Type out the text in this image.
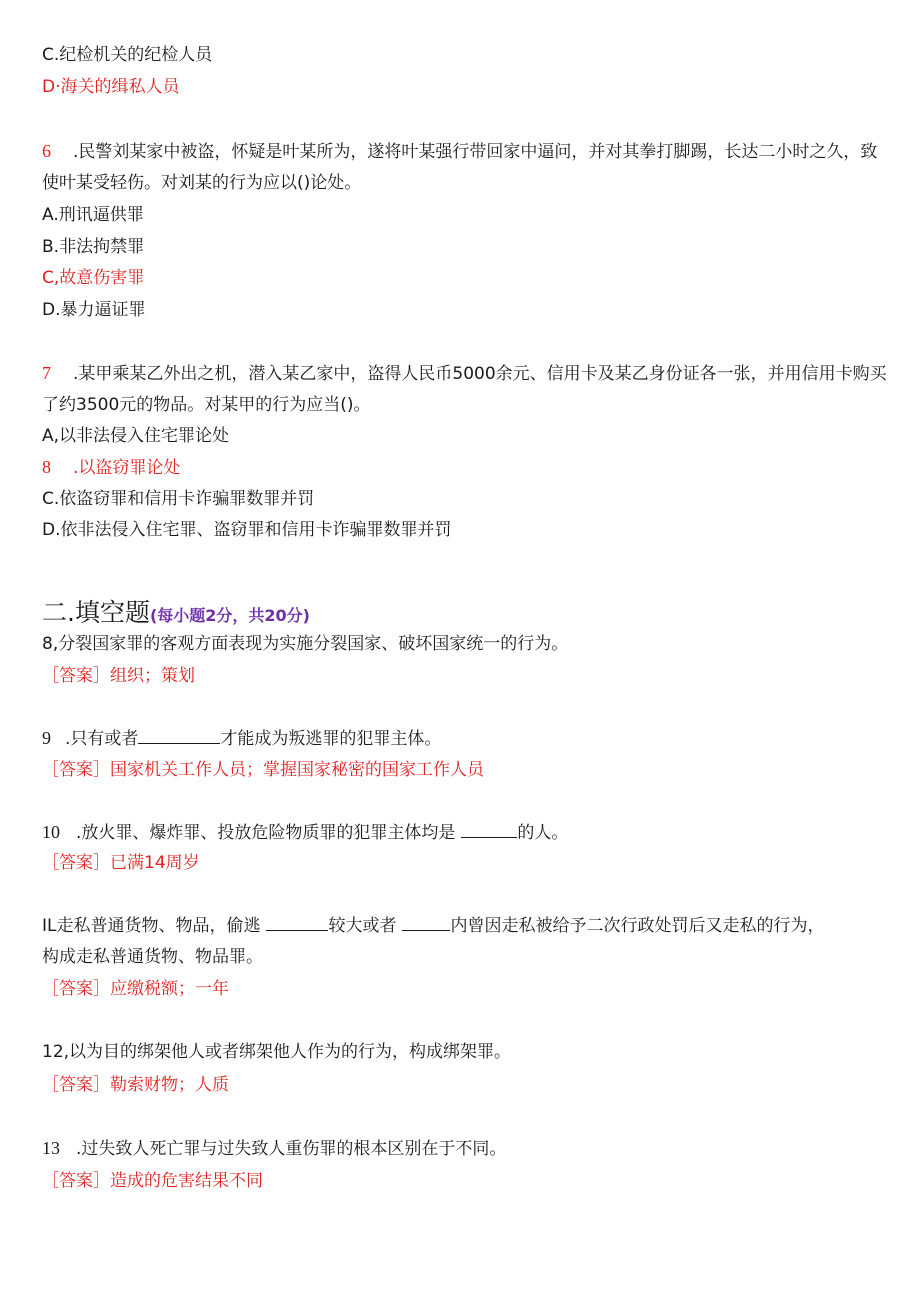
C.纪检机关的纪检人员
D·海关的缉私人员
6 .民警刘某家中被盗，怀疑是叶某所为，遂将叶某强行带回家中逼问，并对其拳打脚踢，长达二小时之久，致
使叶某受轻伤。对刘某的行为应以()论处。
A.刑讯逼供罪
B.非法拘禁罪
C,故意伤害罪
D.暴力逼证罪
7 .某甲乘某乙外出之机，潜入某乙家中，盗得人民币5000余元、信用卡及某乙身份证各一张，并用信用卡购买
了约3500元的物品。对某甲的行为应当()。
A,以非法侵入住宅罪论处
8 .以盗窃罪论处
C.依盗窃罪和信用卡诈骗罪数罪并罚
D.依非法侵入住宅罪、盗窃罪和信用卡诈骗罪数罪并罚
二.填空题(每小题2分，共20分)
8,分裂国家罪的客观方面表现为实施分裂国家、破坏国家统一的行为。
［答案］组织；策划
9 .只有或者	才能成为叛逃罪的犯罪主体。
［答案］国家机关工作人员；掌握国家秘密的国家工作人员
10 .放火罪、爆炸罪、投放危险物质罪的犯罪主体均是	的人。
［答案］已满14周岁
IL走私普通货物、物品，偷逃	较大或者	内曾因走私被给予二次行政处罚后又走私的行为，
构成走私普通货物、物品罪。
［答案］应缴税额；一年
12,以为目的绑架他人或者绑架他人作为的行为，构成绑架罪。
［答案］勒索财物；人质
13 .过失致人死亡罪与过失致人重伤罪的根本区别在于不同。
［答案］造成的危害结果不同
